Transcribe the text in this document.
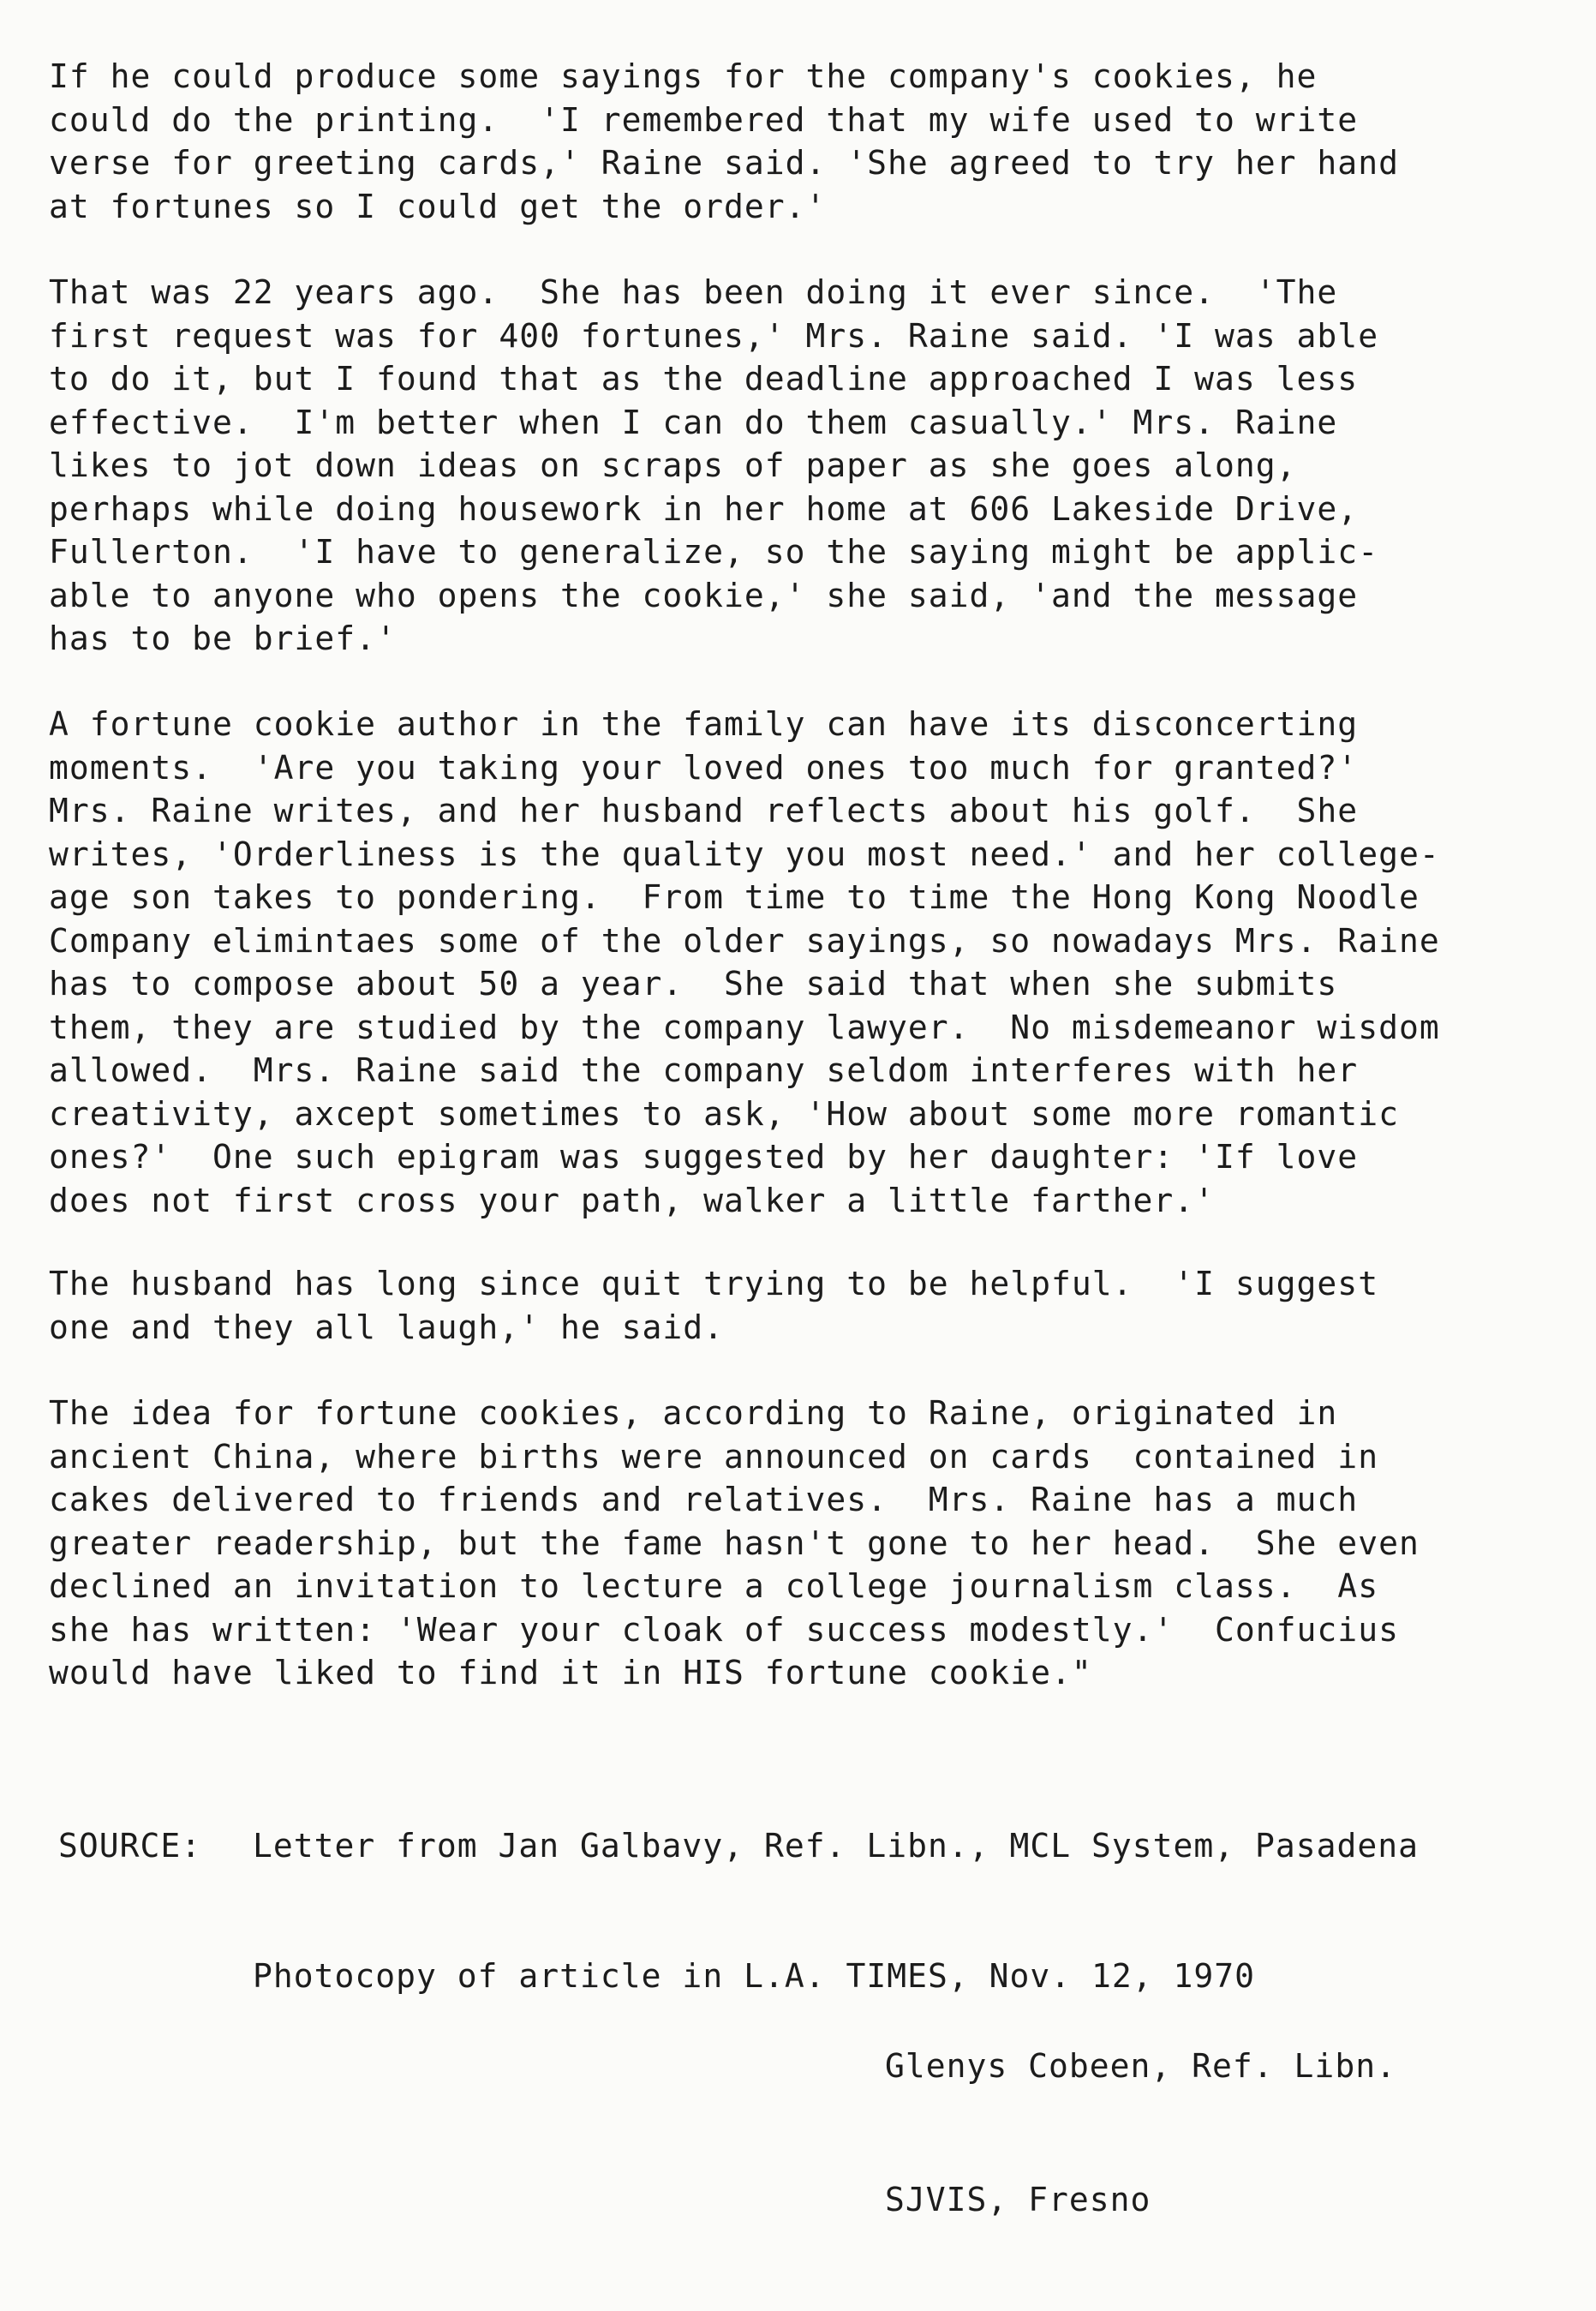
If he could produce some sayings for the company's cookies, he
could do the printing.  'I remembered that my wife used to write
verse for greeting cards,' Raine said. 'She agreed to try her hand
at fortunes so I could get the order.'

That was 22 years ago.  She has been doing it ever since.  'The
first request was for 400 fortunes,' Mrs. Raine said. 'I was able
to do it, but I found that as the deadline approached I was less
effective.  I'm better when I can do them casually.' Mrs. Raine
likes to jot down ideas on scraps of paper as she goes along,
perhaps while doing housework in her home at 606 Lakeside Drive,
Fullerton.  'I have to generalize, so the saying might be applic-
able to anyone who opens the cookie,' she said, 'and the message
has to be brief.'

A fortune cookie author in the family can have its disconcerting
moments.  'Are you taking your loved ones too much for granted?'
Mrs. Raine writes, and her husband reflects about his golf.  She
writes, 'Orderliness is the quality you most need.' and her college-
age son takes to pondering.  From time to time the Hong Kong Noodle
Company elimintaes some of the older sayings, so nowadays Mrs. Raine
has to compose about 50 a year.  She said that when she submits
them, they are studied by the company lawyer.  No misdemeanor wisdom
allowed.  Mrs. Raine said the company seldom interferes with her
creativity, axcept sometimes to ask, 'How about some more romantic
ones?'  One such epigram was suggested by her daughter: 'If love
does not first cross your path, walker a little farther.'

The husband has long since quit trying to be helpful.  'I suggest
one and they all laugh,' he said.

The idea for fortune cookies, according to Raine, originated in
ancient China, where births were announced on cards  contained in
cakes delivered to friends and relatives.  Mrs. Raine has a much
greater readership, but the fame hasn't gone to her head.  She even
declined an invitation to lecture a college journalism class.  As
she has written: 'Wear your cloak of success modestly.'  Confucius
would have liked to find it in HIS fortune cookie."

SOURCE:	Letter from Jan Galbavy, Ref. Libn., MCL System, Pasadena

Photocopy of article in L.A. TIMES, Nov. 12, 1970

Glenys Cobeen, Ref. Libn.

SJVIS, Fresno
